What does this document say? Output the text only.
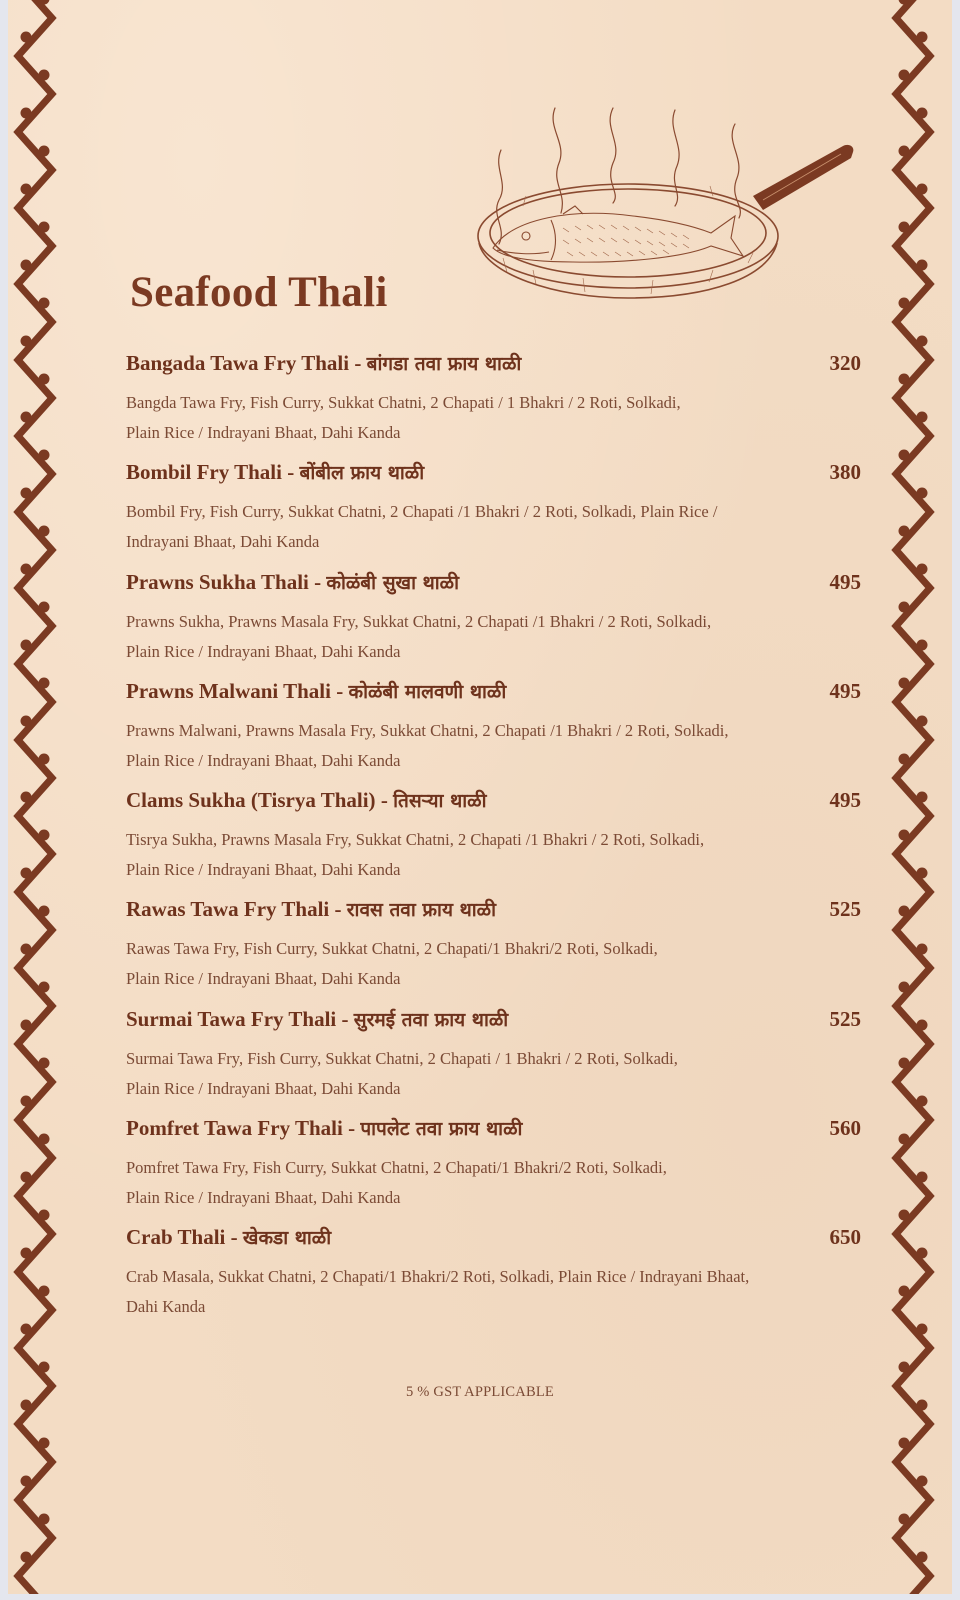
Seafood Thali
Bangada Tawa Fry Thali - बांगडा तवा फ्राय थाळी	320
Bangda Tawa Fry, Fish Curry, Sukkat Chatni, 2 Chapati / 1 Bhakri / 2 Roti, Solkadi,
Plain Rice / Indrayani Bhaat, Dahi Kanda
Bombil Fry Thali - बोंबील फ्राय थाळी	380
Bombil Fry, Fish Curry, Sukkat Chatni, 2 Chapati /1 Bhakri / 2 Roti, Solkadi, Plain Rice /
Indrayani Bhaat, Dahi Kanda
Prawns Sukha Thali - कोळंबी सुखा थाळी	495
Prawns Sukha, Prawns Masala Fry, Sukkat Chatni, 2 Chapati /1 Bhakri / 2 Roti, Solkadi,
Plain Rice / Indrayani Bhaat, Dahi Kanda
Prawns Malwani Thali - कोळंबी मालवणी थाळी	495
Prawns Malwani, Prawns Masala Fry, Sukkat Chatni, 2 Chapati /1 Bhakri / 2 Roti, Solkadi,
Plain Rice / Indrayani Bhaat, Dahi Kanda
Clams Sukha (Tisrya Thali) - तिसऱ्या थाळी	495
Tisrya Sukha, Prawns Masala Fry, Sukkat Chatni, 2 Chapati /1 Bhakri / 2 Roti, Solkadi,
Plain Rice / Indrayani Bhaat, Dahi Kanda
Rawas Tawa Fry Thali - रावस तवा फ्राय थाळी	525
Rawas Tawa Fry, Fish Curry, Sukkat Chatni, 2 Chapati/1 Bhakri/2 Roti, Solkadi,
Plain Rice / Indrayani Bhaat, Dahi Kanda
Surmai Tawa Fry Thali - सुरमई तवा फ्राय थाळी	525
Surmai Tawa Fry, Fish Curry, Sukkat Chatni, 2 Chapati / 1 Bhakri / 2 Roti, Solkadi,
Plain Rice / Indrayani Bhaat, Dahi Kanda
Pomfret Tawa Fry Thali - पापलेट तवा फ्राय थाळी	560
Pomfret Tawa Fry, Fish Curry, Sukkat Chatni, 2 Chapati/1 Bhakri/2 Roti, Solkadi,
Plain Rice / Indrayani Bhaat, Dahi Kanda
Crab Thali - खेकडा थाळी	650
Crab Masala, Sukkat Chatni, 2 Chapati/1 Bhakri/2 Roti, Solkadi, Plain Rice / Indrayani Bhaat,
Dahi Kanda
5 % GST APPLICABLE
